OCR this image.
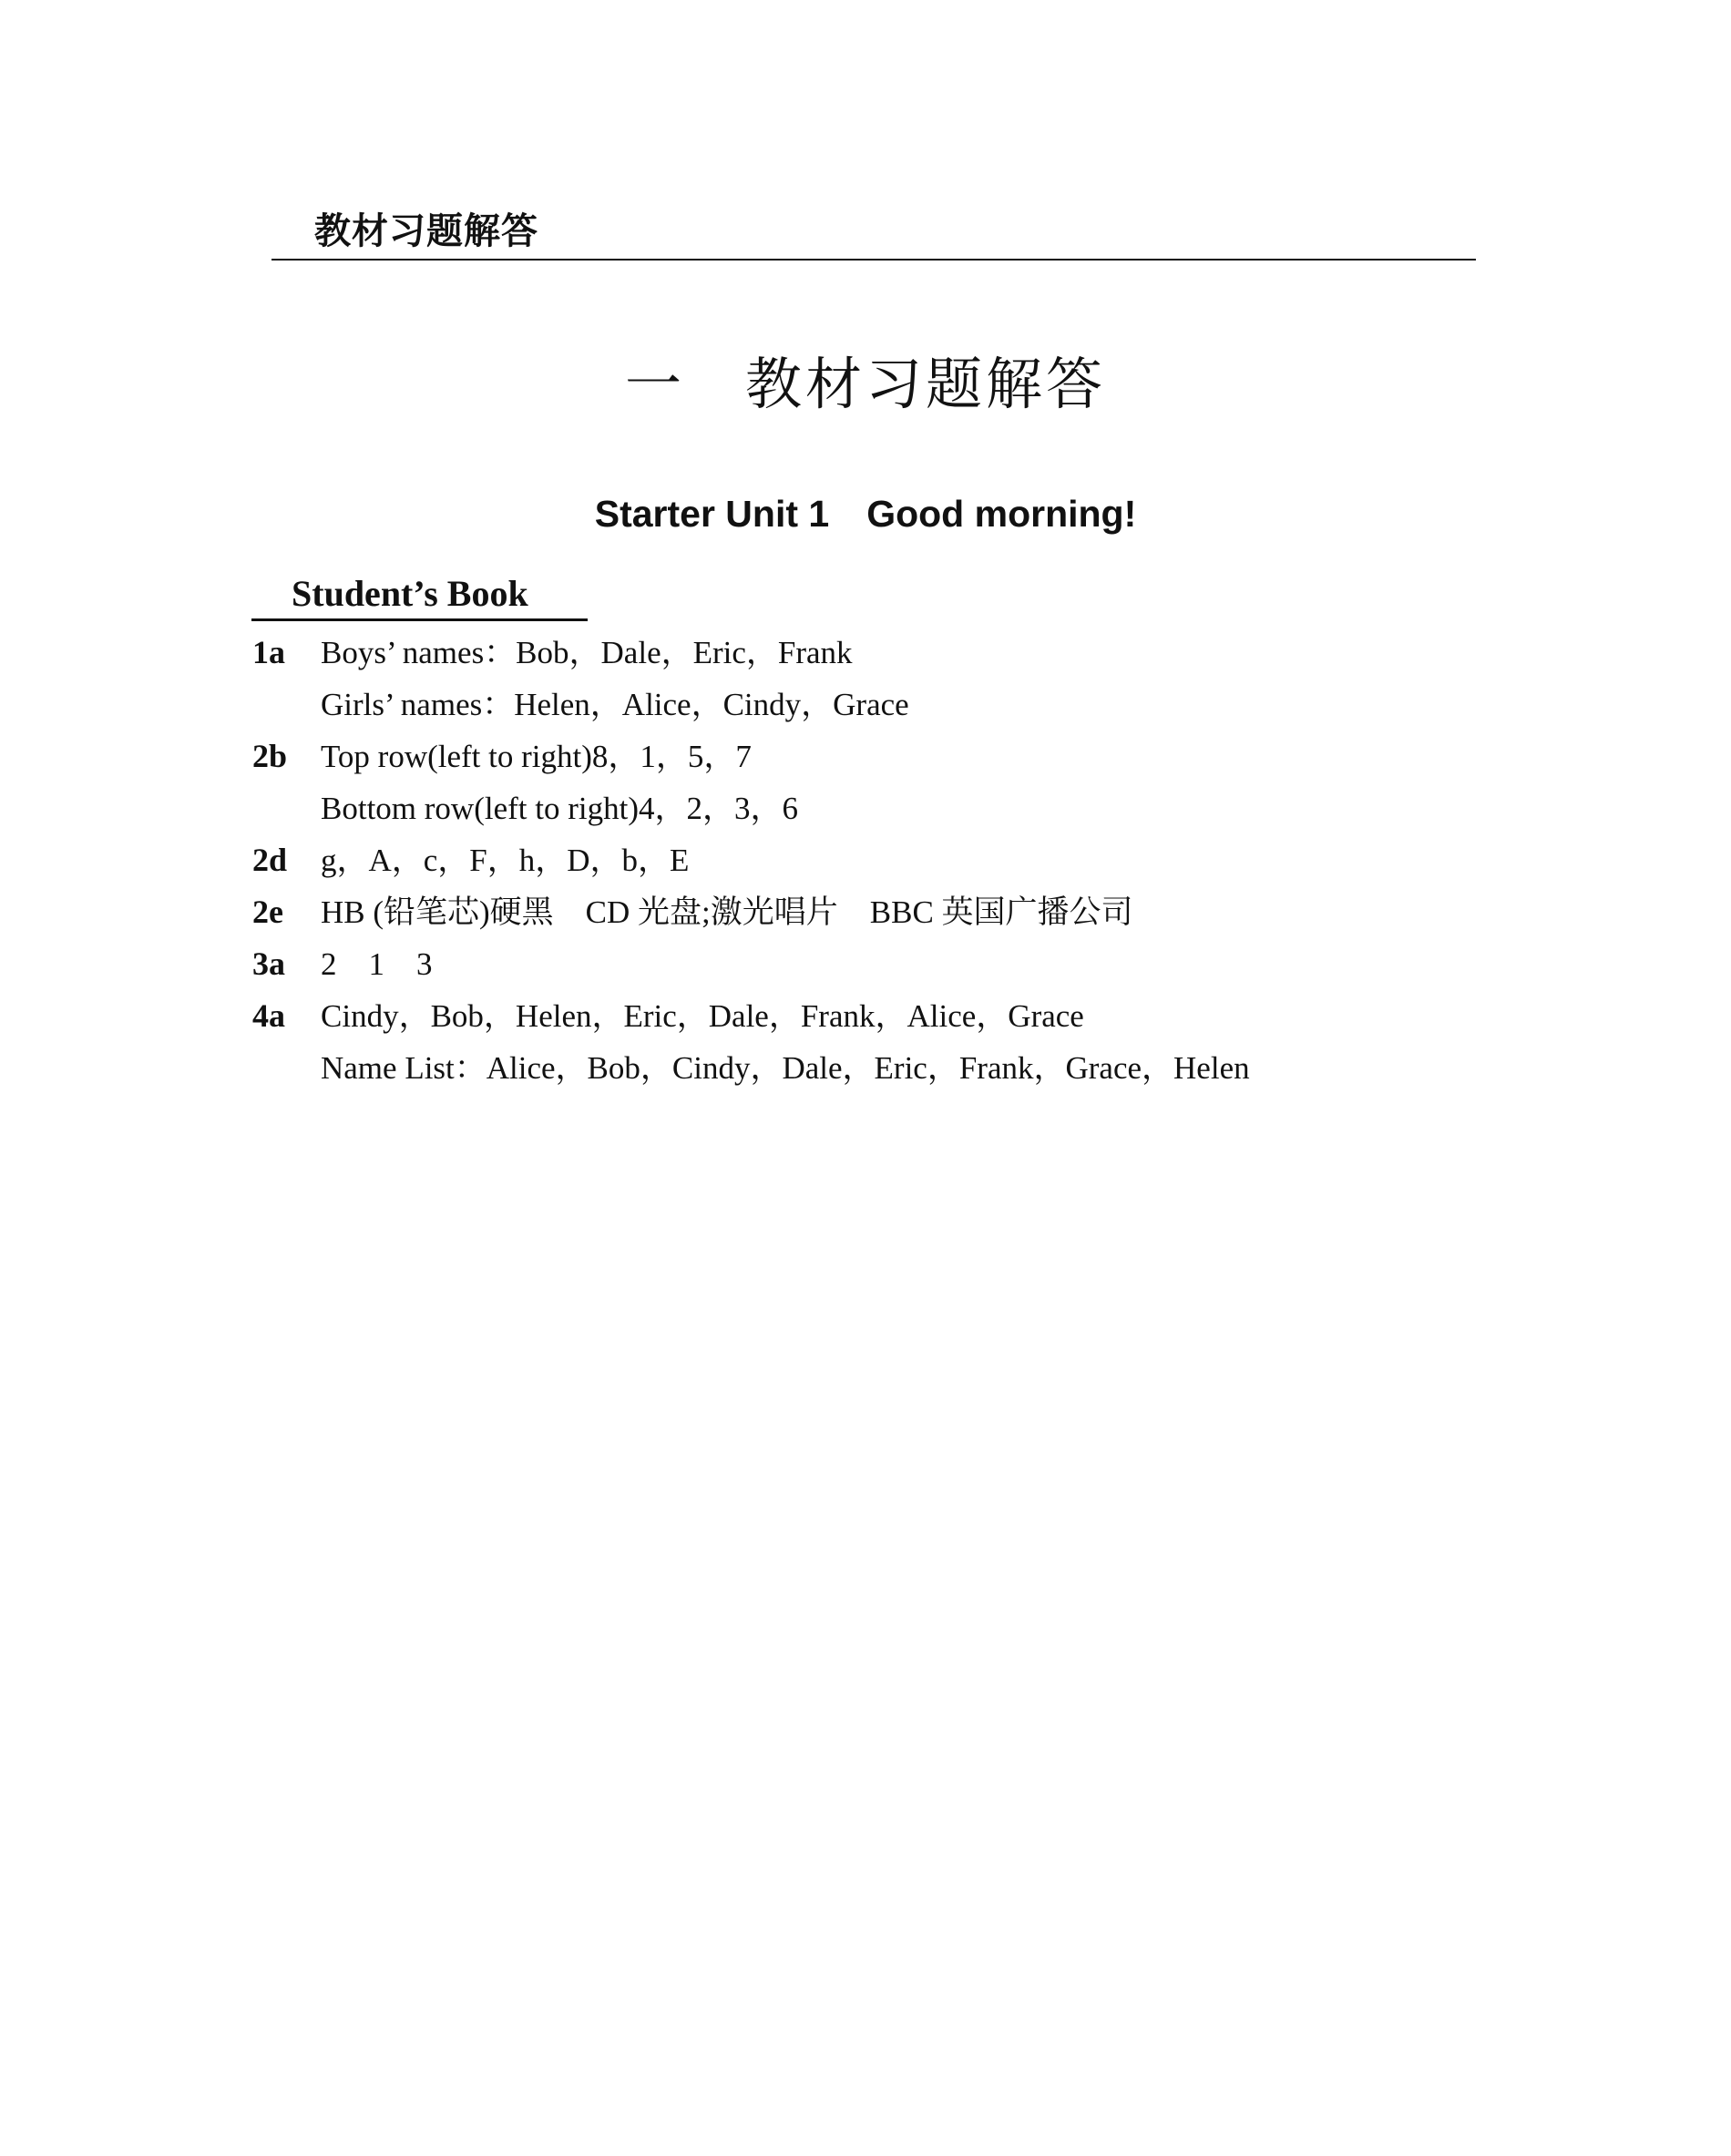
教材习题解答
一　教材习题解答
Starter Unit 1　Good morning!
Student’s Book

1a

Boys’ names：Bob，Dale，Eric，Frank

Girls’ names：Helen，Alice，Cindy，Grace

2b

Top row(left to right)8，1，5，7

Bottom row(left to right)4，2，3，6

2d

g，A，c，F，h，D，b，E

2e

HB (铅笔芯)硬黑　CD 光盘;激光唱片　BBC 英国广播公司

3a

2　1　3

4a

Cindy，Bob，Helen，Eric，Dale，Frank，Alice，Grace

Name List：Alice，Bob，Cindy，Dale，Eric，Frank，Grace，Helen
